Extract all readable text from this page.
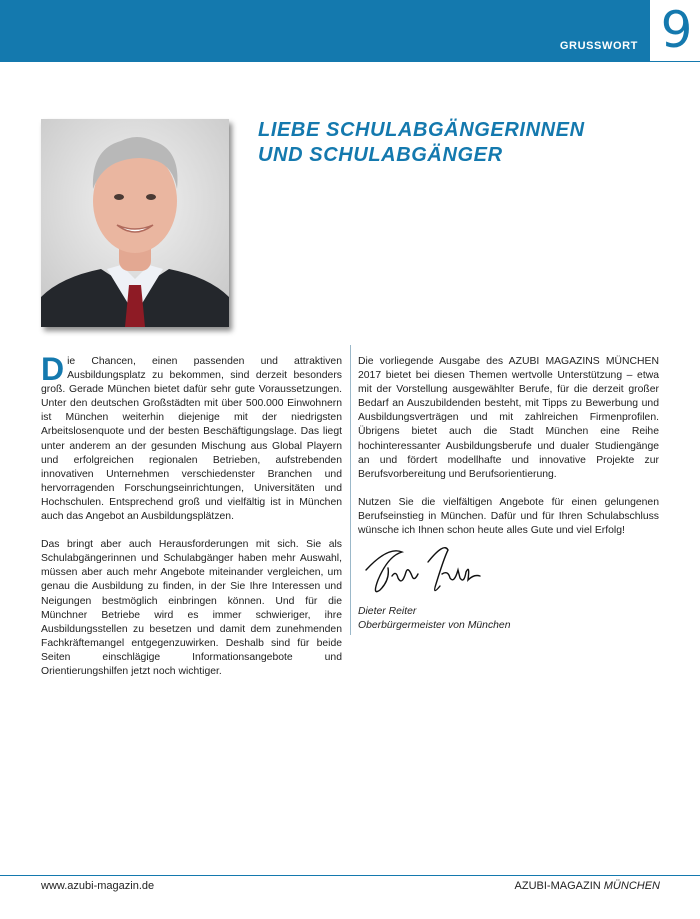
GRUSSWORT 9
LIEBE SCHULABGÄNGERINNEN
UND SCHULABGÄNGER

Die Chancen, einen passenden und attraktiven Ausbildungsplatz zu bekommen, sind derzeit besonders groß. Gerade München bietet dafür sehr gute Voraussetzungen. Unter den deutschen Großstädten mit über 500.000 Einwohnern ist München weiterhin diejenige mit der niedrigsten Arbeitslosenquote und der besten Beschäftigungslage. Das liegt unter anderem an der gesunden Mischung aus Global Playern und erfolgreichen regionalen Betrieben, aufstrebenden innovativen Unternehmen verschiedenster Branchen und hervorragenden Forschungseinrichtungen, Universitäten und Hochschulen. Entsprechend groß und vielfältig ist in München auch das Angebot an Ausbildungsplätzen.

Das bringt aber auch Herausforderungen mit sich. Sie als Schulabgängerinnen und Schulabgänger haben mehr Auswahl, müssen aber auch mehr Angebote miteinander vergleichen, um genau die Ausbildung zu finden, in der Sie Ihre Interessen und Neigungen bestmöglich einbringen können. Und für die Münchner Betriebe wird es immer schwieriger, ihre Ausbildungsstellen zu besetzen und damit dem zunehmenden Fachkräftemangel entgegenzuwirken. Deshalb sind für beide Seiten einschlägige Informationsangebote und Orientierungshilfen jetzt noch wichtiger.

Die vorliegende Ausgabe des AZUBI MAGAZINS MÜNCHEN 2017 bietet bei diesen Themen wertvolle Unterstützung – etwa mit der Vorstellung ausgewählter Berufe, für die derzeit großer Bedarf an Auszubildenden besteht, mit Tipps zu Bewerbung und Ausbildungsverträgen und mit zahlreichen Firmenprofilen. Übrigens bietet auch die Stadt München eine Reihe hochinteressanter Ausbildungsberufe und dualer Studiengänge an und fördert modellhafte und innovative Projekte zur Berufsvorbereitung und Berufsorientierung.

Nutzen Sie die vielfältigen Angebote für einen gelungenen Berufseinstieg in München. Dafür und für Ihren Schulabschluss wünsche ich Ihnen schon heute alles Gute und viel Erfolg!

Dieter Reiter
Oberbürgermeister von München
www.azubi-magazin.de	AZUBI-MAGAZIN MÜNCHEN
